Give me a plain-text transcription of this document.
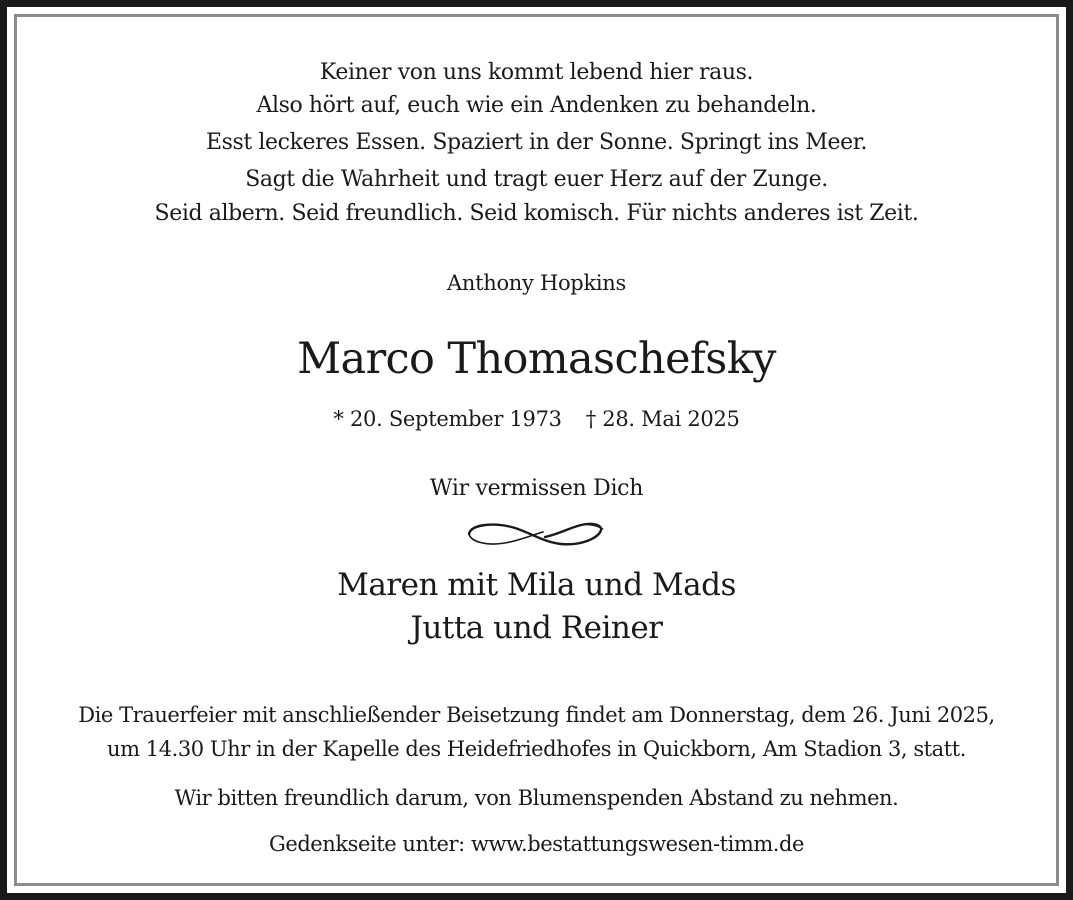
Keiner von uns kommt lebend hier raus.

Also hört auf, euch wie ein Andenken zu behandeln.

Esst leckeres Essen. Spaziert in der Sonne. Springt ins Meer.

Sagt die Wahrheit und tragt euer Herz auf der Zunge.

Seid albern. Seid freundlich. Seid komisch. Für nichts anderes ist Zeit.

Anthony Hopkins

Marco Thomaschefsky

* 20. September 1973 † 28. Mai 2025

Wir vermissen Dich

Maren mit Mila und Mads

Jutta und Reiner

Die Trauerfeier mit anschließender Beisetzung findet am Donnerstag, dem 26. Juni 2025,

um 14.30 Uhr in der Kapelle des Heidefriedhofes in Quickborn, Am Stadion 3, statt.

Wir bitten freundlich darum, von Blumenspenden Abstand zu nehmen.

Gedenkseite unter: www.bestattungswesen-timm.de
